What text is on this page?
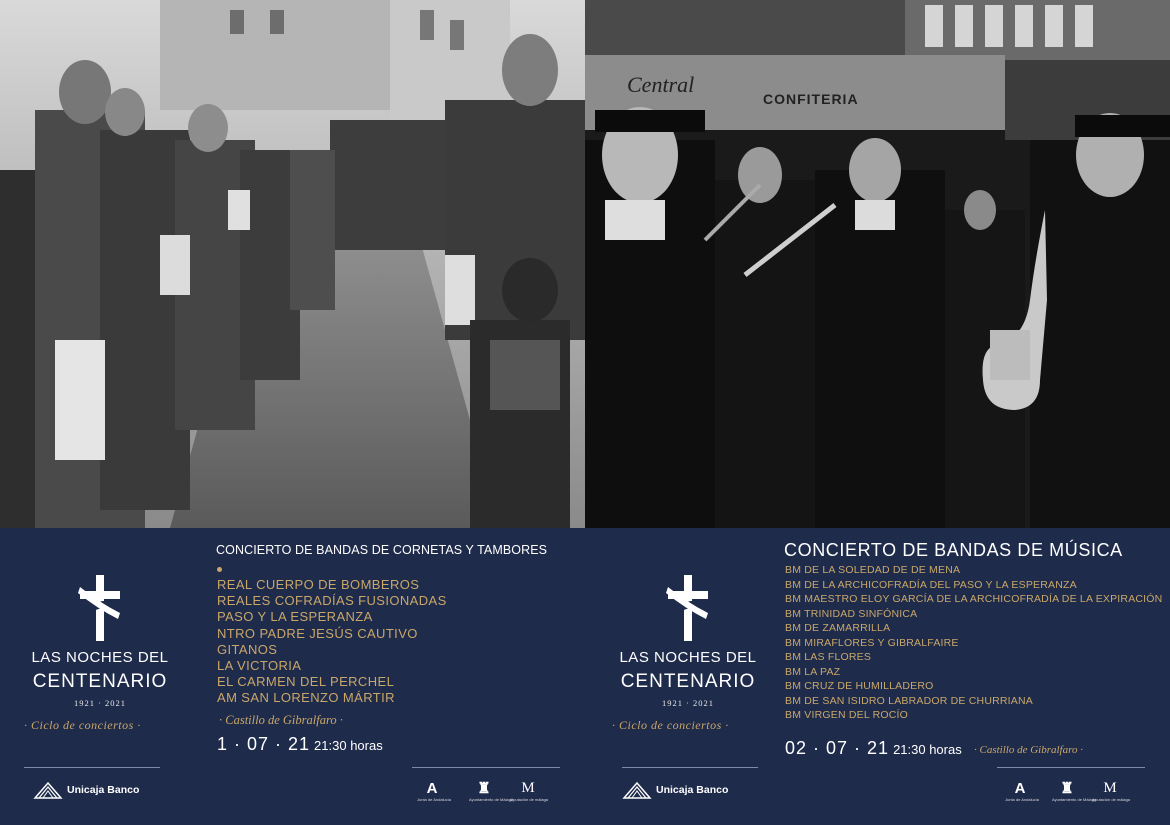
LAS NOCHES DEL
CENTENARIO
1921 · 2021
· Ciclo de conciertos ·
CONCIERTO DE BANDAS DE CORNETAS Y TAMBORES
REAL CUERPO DE BOMBEROS
REALES COFRADÍAS FUSIONADAS
PASO Y LA ESPERANZA
NTRO PADRE JESÚS CAUTIVO
GITANOS
LA VICTORIA
EL CARMEN DEL PERCHEL
AM SAN LORENZO MÁRTIR
· Castillo de Gibralfaro ·
1 · 07 · 21 21:30 horas
Unicaja Banco	A
Junta de Andalucía
♜
Ayuntamiento de Málaga
M
diputación de málaga
Central
CONFITERIA
LAS NOCHES DEL
CENTENARIO
1921 · 2021
· Ciclo de conciertos ·
CONCIERTO DE BANDAS DE MÚSICA
BM DE LA SOLEDAD DE DE MENA
BM DE LA ARCHICOFRADÍA DEL PASO Y LA ESPERANZA
BM MAESTRO ELOY GARCÍA DE LA ARCHICOFRADÍA DE LA EXPIRACIÓN
BM TRINIDAD SINFÓNICA
BM DE ZAMARRILLA
BM MIRAFLORES Y GIBRALFAIRE
BM LAS FLORES
BM LA PAZ
BM CRUZ DE HUMILLADERO
BM DE SAN ISIDRO LABRADOR DE CHURRIANA
BM VIRGEN DEL ROCÍO
02 · 07 · 21 21:30 horas · Castillo de Gibralfaro ·
Unicaja Banco	A
Junta de Andalucía
♜
Ayuntamiento de Málaga
M
diputación de málaga
